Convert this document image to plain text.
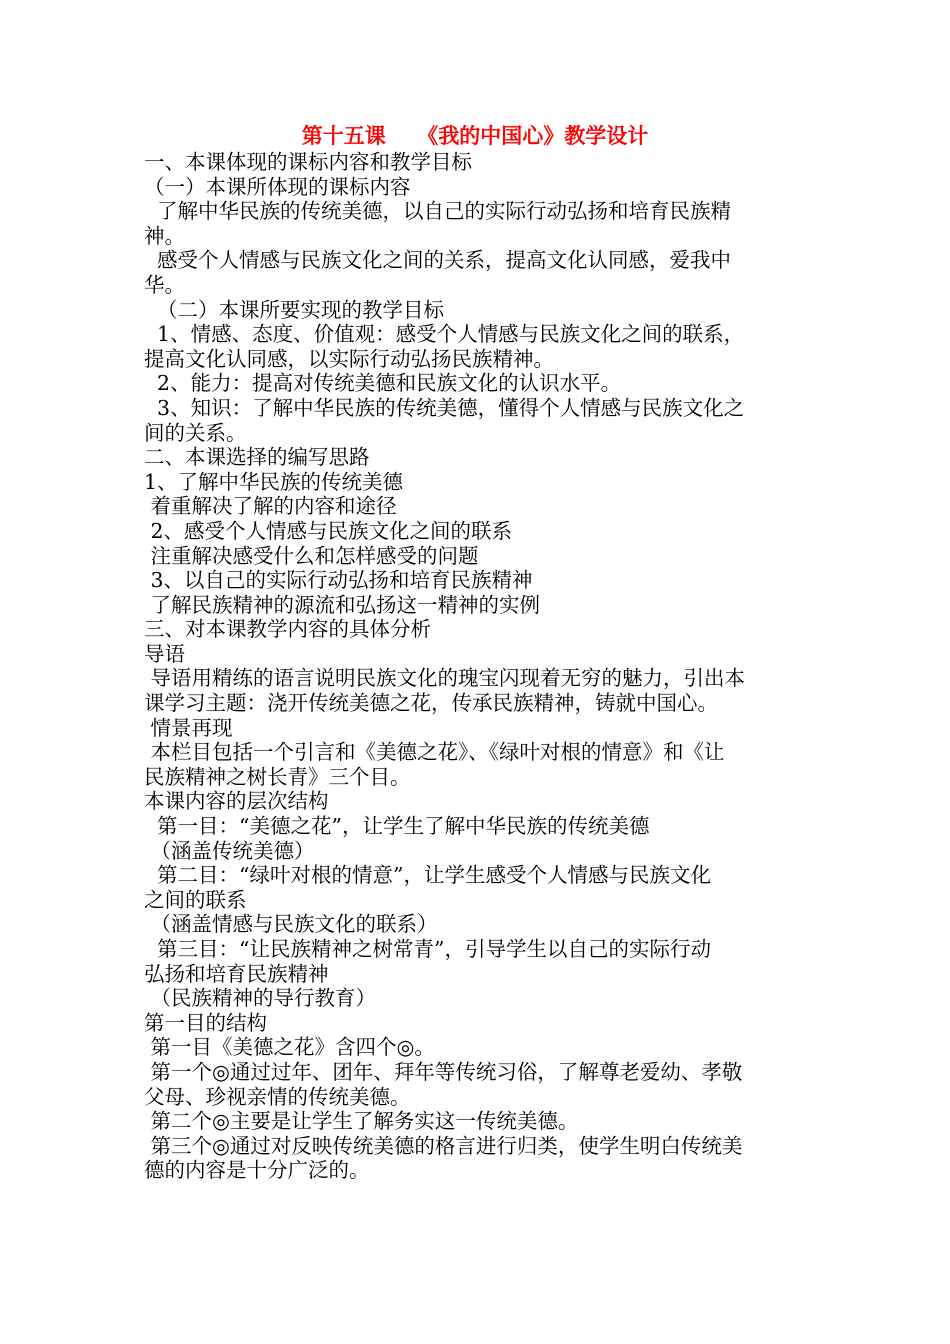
第十五课　　《我的中国心》教学设计
一、本课体现的课标内容和教学目标
（一）本课所体现的课标内容
了解中华民族的传统美德，以自己的实际行动弘扬和培育民族精
神。
感受个人情感与民族文化之间的关系，提高文化认同感，爱我中
华。
（二）本课所要实现的教学目标
1、情感、态度、价值观：感受个人情感与民族文化之间的联系，
提高文化认同感，以实际行动弘扬民族精神。
2、能力：提高对传统美德和民族文化的认识水平。
3、知识：了解中华民族的传统美德，懂得个人情感与民族文化之
间的关系。
二、本课选择的编写思路
1、了解中华民族的传统美德
着重解决了解的内容和途径
2、感受个人情感与民族文化之间的联系
注重解决感受什么和怎样感受的问题
3、以自己的实际行动弘扬和培育民族精神
了解民族精神的源流和弘扬这一精神的实例
三、对本课教学内容的具体分析
导语
导语用精练的语言说明民族文化的瑰宝闪现着无穷的魅力，引出本
课学习主题：浇开传统美德之花，传承民族精神，铸就中国心。
情景再现
本栏目包括一个引言和《美德之花》、《绿叶对根的情意》和《让
民族精神之树长青》三个目。
本课内容的层次结构
第一目：“美德之花”，让学生了解中华民族的传统美德
（涵盖传统美德）
第二目：“绿叶对根的情意”，让学生感受个人情感与民族文化
之间的联系
（涵盖情感与民族文化的联系）
第三目：“让民族精神之树常青”，引导学生以自己的实际行动
弘扬和培育民族精神
（民族精神的导行教育）
第一目的结构
第一目《美德之花》含四个◎。
第一个◎通过过年、团年、拜年等传统习俗，了解尊老爱幼、孝敬
父母、珍视亲情的传统美德。
第二个◎主要是让学生了解务实这一传统美德。
第三个◎通过对反映传统美德的格言进行归类，使学生明白传统美
德的内容是十分广泛的。
